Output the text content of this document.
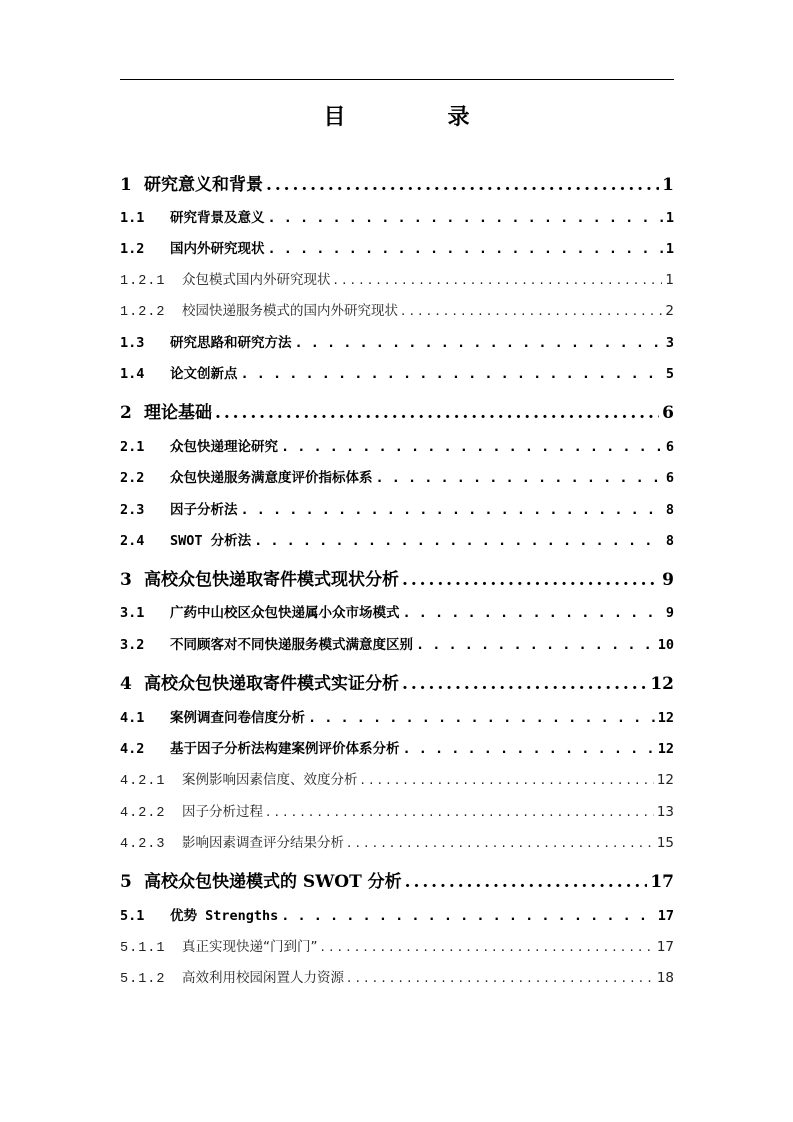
目　录
1 研究意义和背景 . . .	1
1.1	研究背景及意义 . . .	1
1.2	国内外研究现状 . . .	1
1.2.1	众包模式国内外研究现状 . . .	1
1.2.2	校园快递服务模式的国内外研究现状 . . .	2
1.3	研究思路和研究方法 . . .	3
1.4	论文创新点 . . .	5
2 理论基础 . . .	6
2.1	众包快递理论研究 . . .	6
2.2	众包快递服务满意度评价指标体系 . . .	6
2.3	因子分析法 . . .	8
2.4	SWOT 分析法 . . .	8
3 高校众包快递取寄件模式现状分析 . . .	9
3.1	广药中山校区众包快递属小众市场模式 . . .	9
3.2	不同顾客对不同快递服务模式满意度区别 . . .	10
4 高校众包快递取寄件模式实证分析 . . .	12
4.1	案例调查问卷信度分析 . . .	12
4.2	基于因子分析法构建案例评价体系分析 . . .	12
4.2.1	案例影响因素信度、效度分析 . . .	12
4.2.2	因子分析过程 . . .	13
4.2.3	影响因素调查评分结果分析 . . .	15
5 高校众包快递模式的 SWOT 分析 . . .	17
5.1	优势 Strengths . . .	17
5.1.1	真正实现快递“门到门” . . .	17
5.1.2	高效利用校园闲置人力资源 . . .	18
